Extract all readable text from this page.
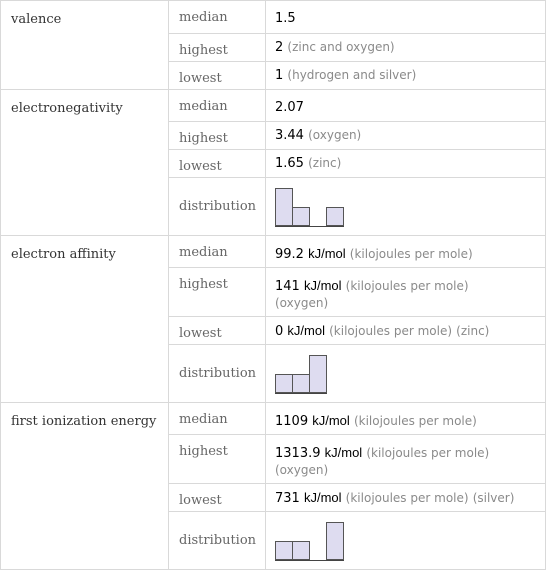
valence	median	1.5
	highest	2 (zinc and oxygen)
	lowest	1 (hydrogen and silver)
electronegativity	median	2.07
	highest	3.44 (oxygen)
	lowest	1.65 (zinc)
	distribution	

electron affinity	median	99.2 kJ/mol (kilojoules per mole)
	highest	141 kJ/mol (kilojoules per mole)
(oxygen)
	lowest	0 kJ/mol (kilojoules per mole) (zinc)
	distribution	

first ionization energy	median	1109 kJ/mol (kilojoules per mole)
	highest	1313.9 kJ/mol (kilojoules per mole)
(oxygen)
	lowest	731 kJ/mol (kilojoules per mole) (silver)
	distribution	
